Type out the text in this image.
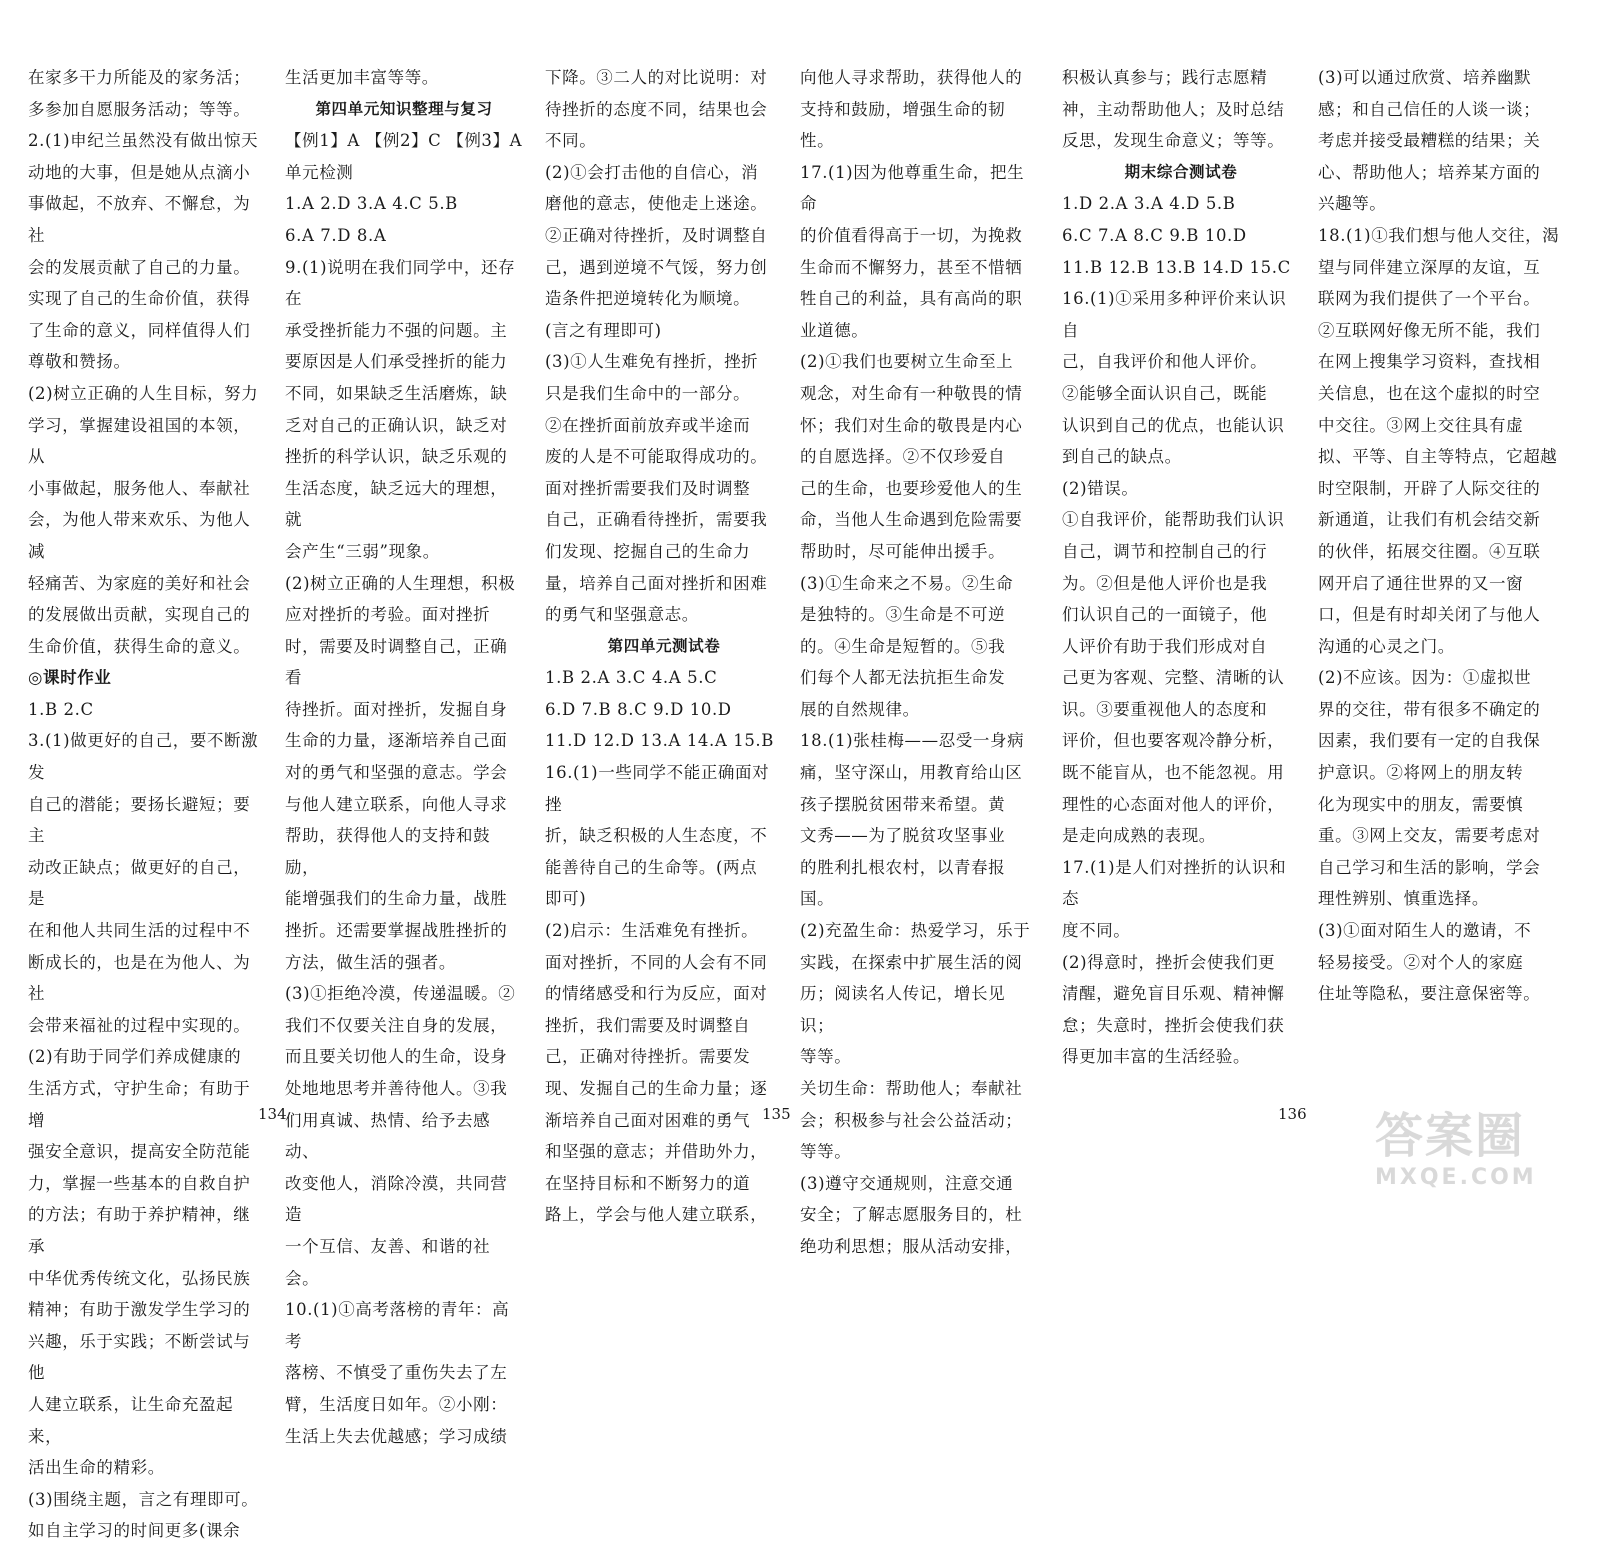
在家多干力所能及的家务活；

多参加自愿服务活动；等等。

2.(1)申纪兰虽然没有做出惊天

动地的大事，但是她从点滴小

事做起，不放弃、不懈怠，为社

会的发展贡献了自己的力量。

实现了自己的生命价值，获得

了生命的意义，同样值得人们

尊敬和赞扬。

(2)树立正确的人生目标，努力

学习，掌握建设祖国的本领，从

小事做起，服务他人、奉献社

会，为他人带来欢乐、为他人减

轻痛苦、为家庭的美好和社会

的发展做出贡献，实现自己的

生命价值，获得生命的意义。

◎课时作业

1.B 2.C

3.(1)做更好的自己，要不断激发

自己的潜能；要扬长避短；要主

动改正缺点；做更好的自己，是

在和他人共同生活的过程中不

断成长的，也是在为他人、为社

会带来福祉的过程中实现的。

(2)有助于同学们养成健康的

生活方式，守护生命；有助于增

强安全意识，提高安全防范能

力，掌握一些基本的自救自护

的方法；有助于养护精神，继承

中华优秀传统文化，弘扬民族

精神；有助于激发学生学习的

兴趣，乐于实践；不断尝试与他

人建立联系，让生命充盈起来，

活出生命的精彩。

(3)围绕主题，言之有理即可。

如自主学习的时间更多(课余

生活更加丰富等等。

第四单元知识整理与复习

【例1】A 【例2】C 【例3】A

单元检测

1.A 2.D 3.A 4.C 5.B

6.A 7.D 8.A

9.(1)说明在我们同学中，还存在

承受挫折能力不强的问题。主

要原因是人们承受挫折的能力

不同，如果缺乏生活磨炼，缺

乏对自己的正确认识，缺乏对

挫折的科学认识，缺乏乐观的

生活态度，缺乏远大的理想，就

会产生“三弱”现象。

(2)树立正确的人生理想，积极

应对挫折的考验。面对挫折

时，需要及时调整自己，正确看

待挫折。面对挫折，发掘自身

生命的力量，逐渐培养自己面

对的勇气和坚强的意志。学会

与他人建立联系，向他人寻求

帮助，获得他人的支持和鼓励，

能增强我们的生命力量，战胜

挫折。还需要掌握战胜挫折的

方法，做生活的强者。

(3)①拒绝冷漠，传递温暖。②

我们不仅要关注自身的发展，

而且要关切他人的生命，设身

处地地思考并善待他人。③我

们用真诚、热情、给予去感动、

改变他人，消除冷漠，共同营造

一个互信、友善、和谐的社会。

10.(1)①高考落榜的青年：高考

落榜、不慎受了重伤失去了左

臂，生活度日如年。②小刚：

生活上失去优越感；学习成绩

下降。③二人的对比说明：对

待挫折的态度不同，结果也会

不同。

(2)①会打击他的自信心，消

磨他的意志，使他走上迷途。

②正确对待挫折，及时调整自

己，遇到逆境不气馁，努力创

造条件把逆境转化为顺境。

(言之有理即可)

(3)①人生难免有挫折，挫折

只是我们生命中的一部分。

②在挫折面前放弃或半途而

废的人是不可能取得成功的。

面对挫折需要我们及时调整

自己，正确看待挫折，需要我

们发现、挖掘自己的生命力

量，培养自己面对挫折和困难

的勇气和坚强意志。

第四单元测试卷

1.B 2.A 3.C 4.A 5.C

6.D 7.B 8.C 9.D 10.D

11.D 12.D 13.A 14.A 15.B

16.(1)一些同学不能正确面对挫

折，缺乏积极的人生态度，不

能善待自己的生命等。(两点

即可)

(2)启示：生活难免有挫折。

面对挫折，不同的人会有不同

的情绪感受和行为反应，面对

挫折，我们需要及时调整自

己，正确对待挫折。需要发

现、发掘自己的生命力量；逐

渐培养自己面对困难的勇气

和坚强的意志；并借助外力，

在坚持目标和不断努力的道

路上，学会与他人建立联系，

向他人寻求帮助，获得他人的

支持和鼓励，增强生命的韧

性。

17.(1)因为他尊重生命，把生命

的价值看得高于一切，为挽救

生命而不懈努力，甚至不惜牺

牲自己的利益，具有高尚的职

业道德。

(2)①我们也要树立生命至上

观念，对生命有一种敬畏的情

怀；我们对生命的敬畏是内心

的自愿选择。②不仅珍爱自

己的生命，也要珍爱他人的生

命，当他人生命遇到危险需要

帮助时，尽可能伸出援手。

(3)①生命来之不易。②生命

是独特的。③生命是不可逆

的。④生命是短暂的。⑤我

们每个人都无法抗拒生命发

展的自然规律。

18.(1)张桂梅——忍受一身病

痛，坚守深山，用教育给山区

孩子摆脱贫困带来希望。黄

文秀——为了脱贫攻坚事业

的胜利扎根农村，以青春报

国。

(2)充盈生命：热爱学习，乐于

实践，在探索中扩展生活的阅

历；阅读名人传记，增长见识；

等等。

关切生命：帮助他人；奉献社

会；积极参与社会公益活动；

等等。

(3)遵守交通规则，注意交通

安全；了解志愿服务目的，杜

绝功利思想；服从活动安排，

积极认真参与；践行志愿精

神，主动帮助他人；及时总结

反思，发现生命意义；等等。

期末综合测试卷

1.D 2.A 3.A 4.D 5.B

6.C 7.A 8.C 9.B 10.D

11.B 12.B 13.B 14.D 15.C

16.(1)①采用多种评价来认识自

己，自我评价和他人评价。

②能够全面认识自己，既能

认识到自己的优点，也能认识

到自己的缺点。

(2)错误。

①自我评价，能帮助我们认识

自己，调节和控制自己的行

为。②但是他人评价也是我

们认识自己的一面镜子，他

人评价有助于我们形成对自

己更为客观、完整、清晰的认

识。③要重视他人的态度和

评价，但也要客观冷静分析，

既不能盲从，也不能忽视。用

理性的心态面对他人的评价，

是走向成熟的表现。

17.(1)是人们对挫折的认识和态

度不同。

(2)得意时，挫折会使我们更

清醒，避免盲目乐观、精神懈

怠；失意时，挫折会使我们获

得更加丰富的生活经验。

(3)可以通过欣赏、培养幽默

感；和自己信任的人谈一谈；

考虑并接受最糟糕的结果；关

心、帮助他人；培养某方面的

兴趣等。

18.(1)①我们想与他人交往，渴

望与同伴建立深厚的友谊，互

联网为我们提供了一个平台。

②互联网好像无所不能，我们

在网上搜集学习资料，查找相

关信息，也在这个虚拟的时空

中交往。③网上交往具有虚

拟、平等、自主等特点，它超越

时空限制，开辟了人际交往的

新通道，让我们有机会结交新

的伙伴，拓展交往圈。④互联

网开启了通往世界的又一窗

口，但是有时却关闭了与他人

沟通的心灵之门。

(2)不应该。因为：①虚拟世

界的交往，带有很多不确定的

因素，我们要有一定的自我保

护意识。②将网上的朋友转

化为现实中的朋友，需要慎

重。③网上交友，需要考虑对

自己学习和生活的影响，学会

理性辨别、慎重选择。

(3)①面对陌生人的邀请，不

轻易接受。②对个人的家庭

住址等隐私，要注意保密等。

134	135	136 答案圈
MXQE.COM
